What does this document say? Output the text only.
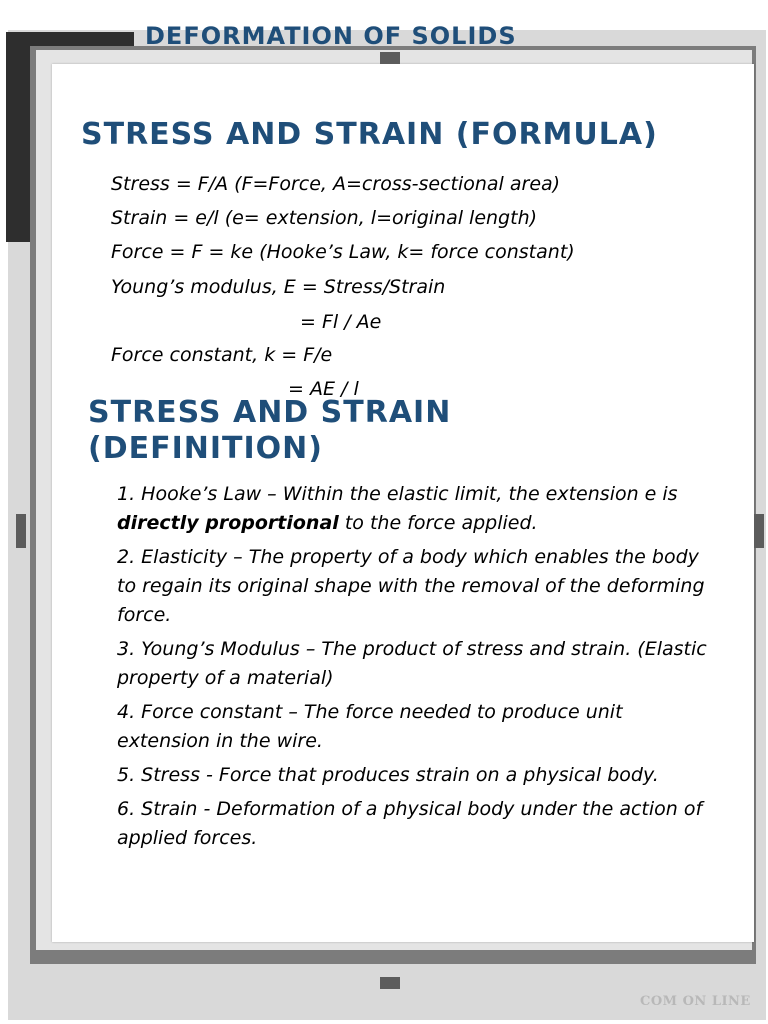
DEFORMATION OF SOLIDS
STRESS AND STRAIN (FORMULA)
Stress = F/A (F=Force, A=cross-sectional area)
Strain = e/l (e= extension, l=original length)
Force = F = ke (Hooke’s Law, k= force constant)
Young’s modulus, E = Stress/Strain
= Fl / Ae
Force constant, k = F/e
= AE / l
STRESS AND STRAIN
(DEFINITION)
1. Hooke’s Law – Within the elastic limit, the extension e is directly proportional to the force applied.
2. Elasticity – The property of a body which enables the body to regain its original shape with the removal of the deforming force.
3. Young’s Modulus – The product of stress and strain. (Elastic property of a material)
4. Force constant – The force needed to produce unit extension in the wire.
5. Stress - Force that produces strain on a physical body.
6. Strain - Deformation of a physical body under the action of applied forces.
COM ON LINE
